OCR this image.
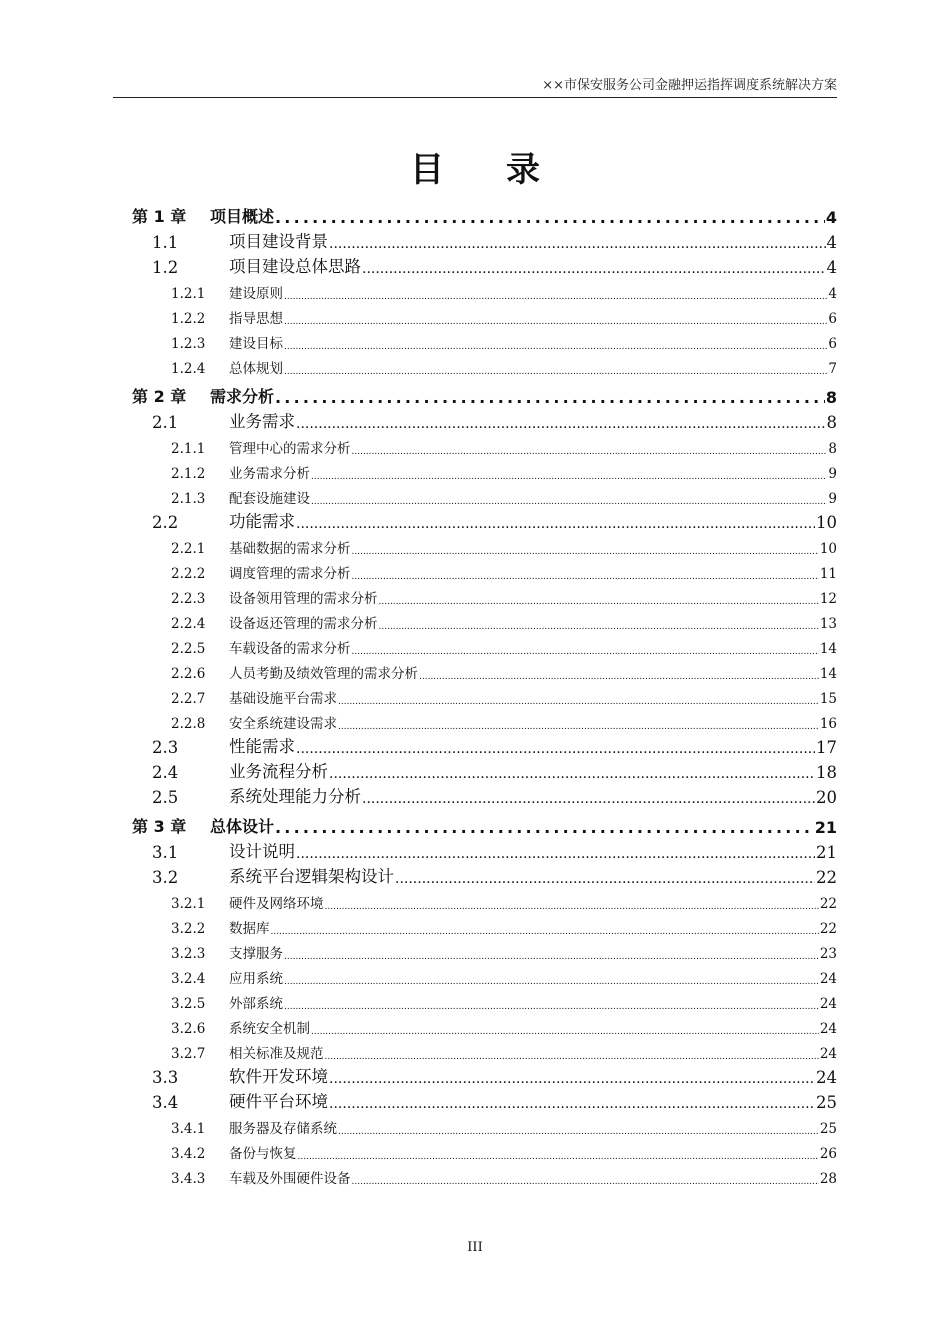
××市保安服务公司金融押运指挥调度系统解决方案
目 录
第 1 章	项目概述 .....	4
1.1	项目建设背景 .....	4
1.2	项目建设总体思路 .....	4
1.2.1	建设原则 .....	4
1.2.2	指导思想 .....	6
1.2.3	建设目标 .....	6
1.2.4	总体规划 .....	7
第 2 章	需求分析 .....	8
2.1	业务需求 .....	8
2.1.1	管理中心的需求分析 .....	8
2.1.2	业务需求分析 .....	9
2.1.3	配套设施建设 .....	9
2.2	功能需求 .....	10
2.2.1	基础数据的需求分析 .....	10
2.2.2	调度管理的需求分析 .....	11
2.2.3	设备领用管理的需求分析 .....	12
2.2.4	设备返还管理的需求分析 .....	13
2.2.5	车载设备的需求分析 .....	14
2.2.6	人员考勤及绩效管理的需求分析 .....	14
2.2.7	基础设施平台需求 .....	15
2.2.8	安全系统建设需求 .....	16
2.3	性能需求 .....	17
2.4	业务流程分析 .....	18
2.5	系统处理能力分析 .....	20
第 3 章	总体设计 .....	21
3.1	设计说明 .....	21
3.2	系统平台逻辑架构设计 .....	22
3.2.1	硬件及网络环境 .....	22
3.2.2	数据库 .....	22
3.2.3	支撑服务 .....	23
3.2.4	应用系统 .....	24
3.2.5	外部系统 .....	24
3.2.6	系统安全机制 .....	24
3.2.7	相关标准及规范 .....	24
3.3	软件开发环境 .....	24
3.4	硬件平台环境 .....	25
3.4.1	服务器及存储系统 .....	25
3.4.2	备份与恢复 .....	26
3.4.3	车载及外围硬件设备 .....	28
III
